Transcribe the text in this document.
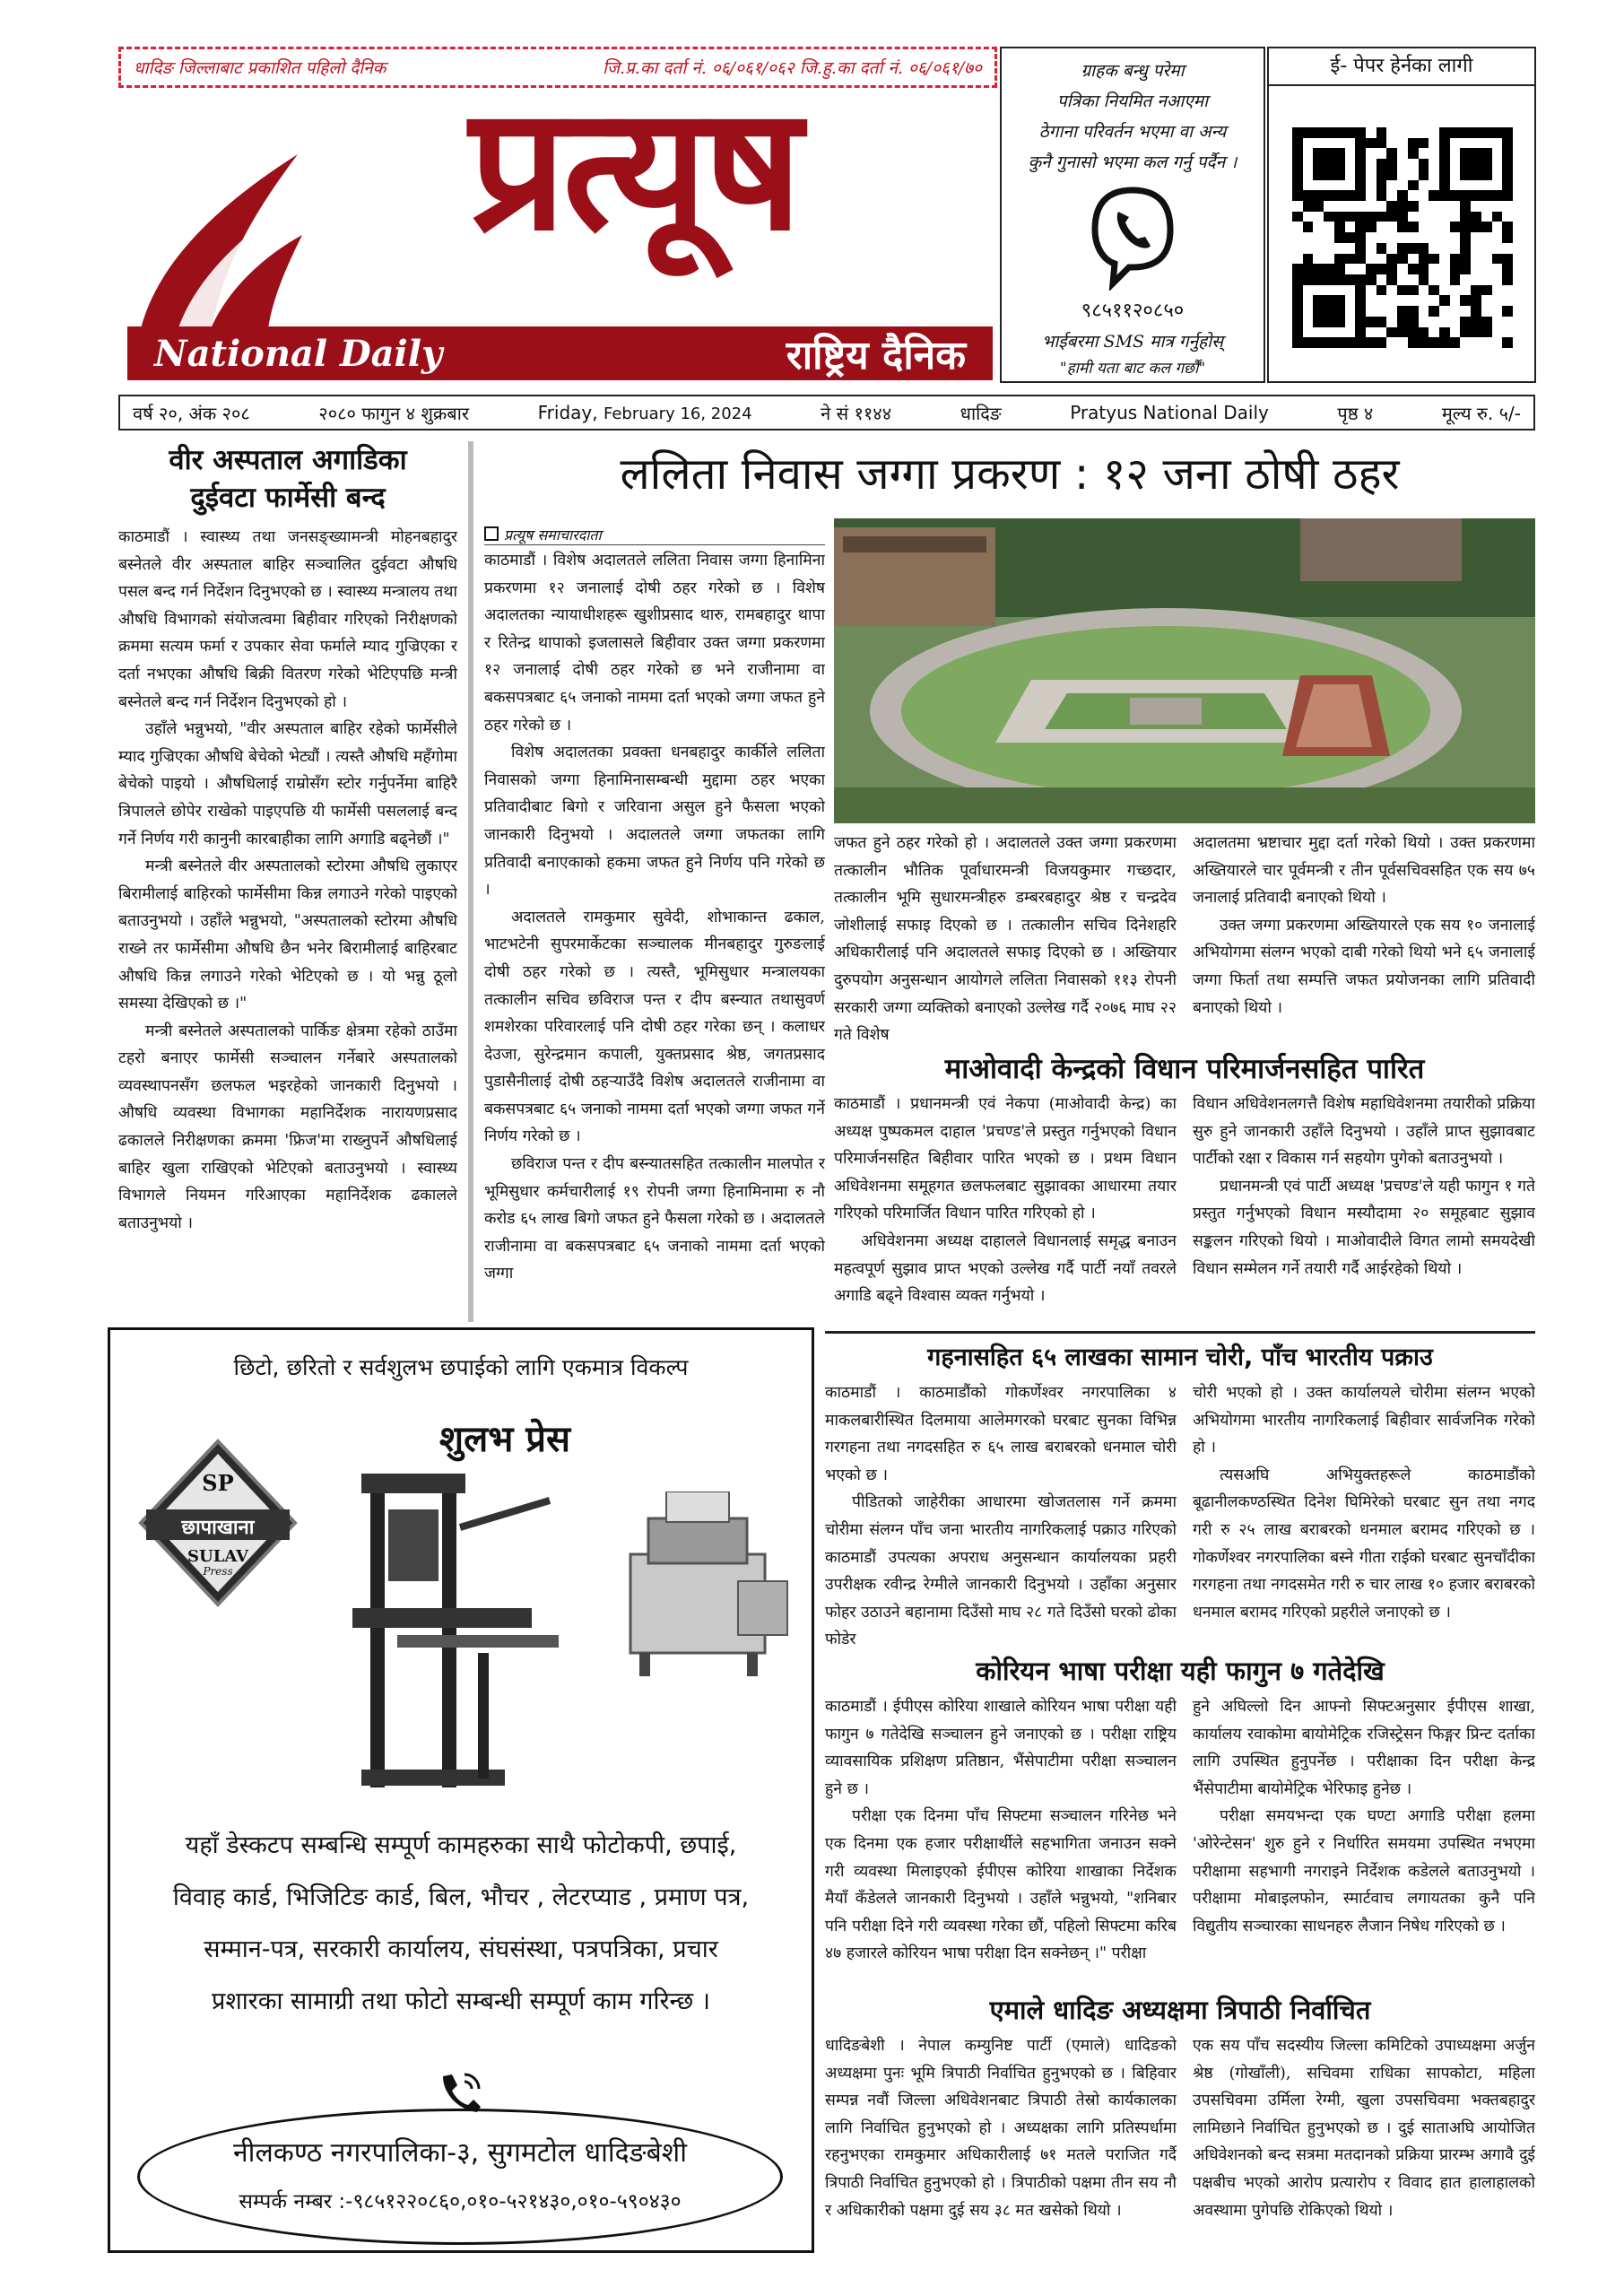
धादिङ जिल्लाबाट प्रकाशित पहिलो दैनिक	जि.प्र.का दर्ता नं. ०६/०६१/०६२ जि.हु.का दर्ता नं. ०६/०६१/७०
प्रत्यूष
National Daily	राष्ट्रिय दैनिक
ग्राहक बन्धु परेमा
पत्रिका नियमित नआएमा
ठेगाना परिवर्तन भएमा वा अन्य
कुनै गुनासो भएमा कल गर्नु पर्दैन ।
९८५११२०८५०
भाईबरमा SMS मात्र गर्नुहोस्
"हामी यता बाट कल गर्छौं"
ई- पेपर हेर्नका लागी
वर्ष २०, अंक २०८	२०८० फागुन ४ शुक्रबार	Friday, February 16, 2024	ने सं ११४४	धादिङ	Pratyus National Daily	पृष्ठ ४	मूल्य रु. ५/-
वीर अस्पताल अगाडिका
दुईवटा फार्मेसी बन्द

काठमाडौं । स्वास्थ्य तथा जनसङ्ख्यामन्त्री मोहनबहादुर बस्नेतले वीर अस्पताल बाहिर सञ्चालित दुईवटा औषधि पसल बन्द गर्न निर्देशन दिनुभएको छ । स्वास्थ्य मन्त्रालय तथा औषधि विभागको संयोजत्वमा बिहीवार गरिएको निरीक्षणको क्रममा सत्यम फर्मा र उपकार सेवा फर्माले म्याद गुज्रिएका र दर्ता नभएका औषधि बिक्री वितरण गरेको भेटिएपछि मन्त्री बस्नेतले बन्द गर्न निर्देशन दिनुभएको हो ।

उहाँले भन्नुभयो, "वीर अस्पताल बाहिर रहेको फार्मेसीले म्याद गुज्रिएका औषधि बेचेको भेट्यौं । त्यस्तै औषधि महँगोमा बेचेको पाइयो । औषधिलाई राम्रोसँग स्टोर गर्नुपर्नेमा बाहिरै त्रिपालले छोपेर राखेको पाइएपछि यी फार्मेसी पसललाई बन्द गर्ने निर्णय गरी कानुनी कारबाहीका लागि अगाडि बढ्नेछौं ।"

मन्त्री बस्नेतले वीर अस्पतालको स्टोरमा औषधि लुकाएर बिरामीलाई बाहिरको फार्मेसीमा किन्न लगाउने गरेको पाइएको बताउनुभयो । उहाँले भन्नुभयो, "अस्पतालको स्टोरमा औषधि राख्ने तर फार्मेसीमा औषधि छैन भनेर बिरामीलाई बाहिरबाट औषधि किन्न लगाउने गरेको भेटिएको छ । यो भन्नु ठूलो समस्या देखिएको छ ।"

मन्त्री बस्नेतले अस्पतालको पार्किङ क्षेत्रमा रहेको ठाउँमा टहरो बनाएर फार्मेसी सञ्चालन गर्नेबारे अस्पतालको व्यवस्थापनसँग छलफल भइरहेको जानकारी दिनुभयो । औषधि व्यवस्था विभागका महानिर्देशक नारायणप्रसाद ढकालले निरीक्षणका क्रममा 'फ्रिज'मा राख्नुपर्ने औषधिलाई बाहिर खुला राखिएको भेटिएको बताउनुभयो । स्वास्थ्य विभागले नियमन गरिआएका महानिर्देशक ढकालले बताउनुभयो ।

ललिता निवास जग्गा प्रकरण : १२ जना ठोषी ठहर
प्रत्यूष समाचारदाता

काठमाडौं । विशेष अदालतले ललिता निवास जग्गा हिनामिना प्रकरणमा १२ जनालाई दोषी ठहर गरेको छ । विशेष अदालतका न्यायाधीशहरू खुशीप्रसाद थारु, रामबहादुर थापा र रितेन्द्र थापाको इजलासले बिहीवार उक्त जग्गा प्रकरणमा १२ जनालाई दोषी ठहर गरेको छ भने राजीनामा वा बकसपत्रबाट ६५ जनाको नाममा दर्ता भएको जग्गा जफत हुने ठहर गरेको छ ।

विशेष अदालतका प्रवक्ता धनबहादुर कार्कीले ललिता निवासको जग्गा हिनामिनासम्बन्धी मुद्दामा ठहर भएका प्रतिवादीबाट बिगो र जरिवाना असुल हुने फैसला भएको जानकारी दिनुभयो । अदालतले जग्गा जफतका लागि प्रतिवादी बनाएकाको हकमा जफत हुने निर्णय पनि गरेको छ ।

अदालतले रामकुमार सुवेदी, शोभाकान्त ढकाल, भाटभटेनी सुपरमार्केटका सञ्चालक मीनबहादुर गुरुङलाई दोषी ठहर गरेको छ । त्यस्तै, भूमिसुधार मन्त्रालयका तत्कालीन सचिव छविराज पन्त र दीप बस्न्यात तथासुवर्ण शमशेरका परिवारलाई पनि दोषी ठहर गरेका छन् । कलाधर देउजा, सुरेन्द्रमान कपाली, युक्तप्रसाद श्रेष्ठ, जगतप्रसाद पुडासैनीलाई दोषी ठहऱ्याउँदै विशेष अदालतले राजीनामा वा बकसपत्रबाट ६५ जनाको नाममा दर्ता भएको जग्गा जफत गर्ने निर्णय गरेको छ ।

छविराज पन्त र दीप बस्न्यातसहित तत्कालीन मालपोत र भूमिसुधार कर्मचारीलाई १९ रोपनी जग्गा हिनामिनामा रु नौ करोड ६५ लाख बिगो जफत हुने फैसला गरेको छ । अदालतले राजीनामा वा बकसपत्रबाट ६५ जनाको नाममा दर्ता भएको जग्गा

जफत हुने ठहर गरेको हो । अदालतले उक्त जग्गा प्रकरणमा तत्कालीन भौतिक पूर्वाधारमन्त्री विजयकुमार गच्छदार, तत्कालीन भूमि सुधारमन्त्रीहरु डम्बरबहादुर श्रेष्ठ र चन्द्रदेव जोशीलाई सफाइ दिएको छ । तत्कालीन सचिव दिनेशहरि अधिकारीलाई पनि अदालतले सफाइ दिएको छ । अख्तियार दुरुपयोग अनुसन्धान आयोगले ललिता निवासको ११३ रोपनी सरकारी जग्गा व्यक्तिको बनाएको उल्लेख गर्दै २०७६ माघ २२ गते विशेष

अदालतमा भ्रष्टाचार मुद्दा दर्ता गरेको थियो । उक्त प्रकरणमा अख्तियारले चार पूर्वमन्त्री र तीन पूर्वसचिवसहित एक सय ७५ जनालाई प्रतिवादी बनाएको थियो ।

उक्त जग्गा प्रकरणमा अख्तियारले एक सय १० जनालाई अभियोगमा संलग्न भएको दाबी गरेको थियो भने ६५ जनालाई जग्गा फिर्ता तथा सम्पत्ति जफत प्रयोजनका लागि प्रतिवादी बनाएको थियो ।

माओवादी केन्द्रको विधान परिमार्जनसहित पारित

काठमाडौं । प्रधानमन्त्री एवं नेकपा (माओवादी केन्द्र) का अध्यक्ष पुष्पकमल दाहाल 'प्रचण्ड'ले प्रस्तुत गर्नुभएको विधान परिमार्जनसहित बिहीवार पारित भएको छ । प्रथम विधान अधिवेशनमा समूहगत छलफलबाट सुझावका आधारमा तयार गरिएको परिमार्जित विधान पारित गरिएको हो ।

अधिवेशनमा अध्यक्ष दाहालले विधानलाई समृद्ध बनाउन महत्वपूर्ण सुझाव प्राप्त भएको उल्लेख गर्दै पार्टी नयाँ तवरले अगाडि बढ्ने विश्वास व्यक्त गर्नुभयो ।

विधान अधिवेशनलगत्तै विशेष महाधिवेशनमा तयारीको प्रक्रिया सुरु हुने जानकारी उहाँले दिनुभयो । उहाँले प्राप्त सुझावबाट पार्टीको रक्षा र विकास गर्न सहयोग पुगेको बताउनुभयो ।

प्रधानमन्त्री एवं पार्टी अध्यक्ष 'प्रचण्ड'ले यही फागुन १ गते प्रस्तुत गर्नुभएको विधान मस्यौदामा २० समूहबाट सुझाव सङ्कलन गरिएको थियो । माओवादीले विगत लामो समयदेखी विधान सम्मेलन गर्ने तयारी गर्दै आईरहेको थियो ।

छिटो, छरितो र सर्वशुलभ छपाईको लागि एकमात्र विकल्प
शुलभ प्रेस
SP
छापाखाना
SULAV
Press
यहाँ डेस्कटप सम्बन्धि सम्पूर्ण कामहरुका साथै फोटोकपी, छपाई,
विवाह कार्ड, भिजिटिङ कार्ड, बिल, भौचर , लेटरप्याड , प्रमाण पत्र,
सम्मान-पत्र, सरकारी कार्यालय, संघसंस्था, पत्रपत्रिका, प्रचार
प्रशारका सामाग्री तथा फोटो सम्बन्धी सम्पूर्ण काम गरिन्छ ।
नीलकण्ठ नगरपालिका-३, सुगमटोल धादिङबेशी
सम्पर्क नम्बर :-९८५१२२०८६०,०१०-५२१४३०,०१०-५९०४३०
गहनासहित ६५ लाखका सामान चोरी, पाँच भारतीय पक्राउ

काठमाडौं । काठमाडौंको गोकर्णेश्वर नगरपालिका ४ माकलबारीस्थित दिलमाया आलेमगरको घरबाट सुनका विभिन्न गरगहना तथा नगदसहित रु ६५ लाख बराबरको धनमाल चोरी भएको छ ।

पीडितको जाहेरीका आधारमा खोजतलास गर्ने क्रममा चोरीमा संलग्न पाँच जना भारतीय नागरिकलाई पक्राउ गरिएको काठमाडौं उपत्यका अपराध अनुसन्धान कार्यालयका प्रहरी उपरीक्षक रवीन्द्र रेग्मीले जानकारी दिनुभयो । उहाँका अनुसार फोहर उठाउने बहानामा दिउँसो माघ २८ गते दिउँसो घरको ढोका फोडेर

चोरी भएको हो । उक्त कार्यालयले चोरीमा संलग्न भएको अभियोगमा भारतीय नागरिकलाई बिहीवार सार्वजनिक गरेको हो ।

त्यसअघि अभियुक्तहरूले काठमाडौंको बूढानीलकण्ठस्थित दिनेश घिमिरेको घरबाट सुन तथा नगद गरी रु २५ लाख बराबरको धनमाल बरामद गरिएको छ । गोकर्णेश्वर नगरपालिका बस्ने गीता राईको घरबाट सुनचाँदीका गरगहना तथा नगदसमेत गरी रु चार लाख १० हजार बराबरको धनमाल बरामद गरिएको प्रहरीले जनाएको छ ।

कोरियन भाषा परीक्षा यही फागुन ७ गतेदेखि

काठमाडौं । ईपीएस कोरिया शाखाले कोरियन भाषा परीक्षा यही फागुन ७ गतेदेखि सञ्चालन हुने जनाएको छ । परीक्षा राष्ट्रिय व्यावसायिक प्रशिक्षण प्रतिष्ठान, भैंसेपाटीमा परीक्षा सञ्चालन हुने छ ।

परीक्षा एक दिनमा पाँच सिफ्टमा सञ्चालन गरिनेछ भने एक दिनमा एक हजार परीक्षार्थीले सहभागिता जनाउन सक्ने गरी व्यवस्था मिलाइएको ईपीएस कोरिया शाखाका निर्देशक मैयाँ कँडेलले जानकारी दिनुभयो । उहाँले भन्नुभयो, "शनिबार पनि परीक्षा दिने गरी व्यवस्था गरेका छौं, पहिलो सिफ्टमा करिब ४७ हजारले कोरियन भाषा परीक्षा दिन सक्नेछन् ।" परीक्षा

हुने अघिल्लो दिन आफ्नो सिफ्टअनुसार ईपीएस शाखा, कार्यालय रवाकोमा बायोमेट्रिक रजिस्ट्रेसन फिङ्गर प्रिन्ट दर्ताका लागि उपस्थित हुनुपर्नेछ । परीक्षाका दिन परीक्षा केन्द्र भैंसेपाटीमा बायोमेट्रिक भेरिफाइ हुनेछ ।

परीक्षा समयभन्दा एक घण्टा अगाडि परीक्षा हलमा 'ओरेन्टेसन' शुरु हुने र निर्धारित समयमा उपस्थित नभएमा परीक्षामा सहभागी नगराइने निर्देशक कडेलले बताउनुभयो । परीक्षामा मोबाइलफोन, स्मार्टवाच लगायतका कुनै पनि विद्युतीय सञ्चारका साधनहरु लैजान निषेध गरिएको छ ।

एमाले धादिङ अध्यक्षमा त्रिपाठी निर्वाचित

धादिङबेशी । नेपाल कम्युनिष्ट पार्टी (एमाले) धादिङको अध्यक्षमा पुनः भूमि त्रिपाठी निर्वाचित हुनुभएको छ । बिहिवार सम्पन्न नवौं जिल्ला अधिवेशनबाट त्रिपाठी तेस्रो कार्यकालका लागि निर्वाचित हुनुभएको हो । अध्यक्षका लागि प्रतिस्पर्धामा रहनुभएका रामकुमार अधिकारीलाई ७१ मतले पराजित गर्दै त्रिपाठी निर्वाचित हुनुभएको हो । त्रिपाठीको पक्षमा तीन सय नौ र अधिकारीको पक्षमा दुई सय ३८ मत खसेको थियो ।

एक सय पाँच सदस्यीय जिल्ला कमिटिको उपाध्यक्षमा अर्जुन श्रेष्ठ (गोखाँली), सचिवमा राधिका सापकोटा, महिला उपसचिवमा उर्मिला रेग्मी, खुला उपसचिवमा भक्तबहादुर लामिछाने निर्वाचित हुनुभएको छ । दुई साताअघि आयोजित अधिवेशनको बन्द सत्रमा मतदानको प्रक्रिया प्रारम्भ अगावै दुई पक्षबीच भएको आरोप प्रत्यारोप र विवाद हात हालाहालको अवस्थामा पुगेपछि रोकिएको थियो ।
